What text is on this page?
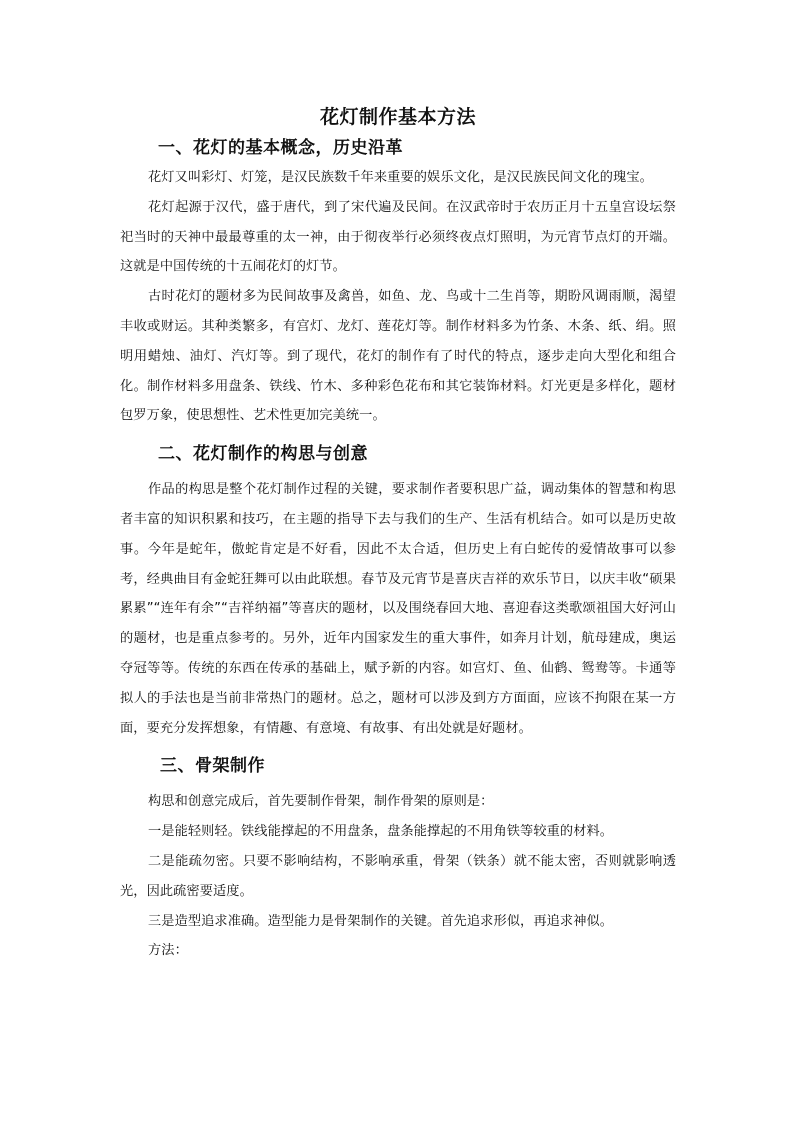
花灯制作基本方法
一、花灯的基本概念，历史沿革

花灯又叫彩灯、灯笼，是汉民族数千年来重要的娱乐文化，是汉民族民间文化的瑰宝。

花灯起源于汉代，盛于唐代，到了宋代遍及民间。在汉武帝时于农历正月十五皇宫设坛祭祀当时的天神中最最尊重的太一神，由于彻夜举行必须终夜点灯照明，为元宵节点灯的开端。这就是中国传统的十五闹花灯的灯节。

古时花灯的题材多为民间故事及禽兽，如鱼、龙、鸟或十二生肖等，期盼风调雨顺，渴望丰收或财运。其种类繁多，有宫灯、龙灯、莲花灯等。制作材料多为竹条、木条、纸、绢。照明用蜡烛、油灯、汽灯等。到了现代，花灯的制作有了时代的特点，逐步走向大型化和组合化。制作材料多用盘条、铁线、竹木、多种彩色花布和其它装饰材料。灯光更是多样化，题材包罗万象，使思想性、艺术性更加完美统一。

二、花灯制作的构思与创意

作品的构思是整个花灯制作过程的关键，要求制作者要积思广益，调动集体的智慧和构思者丰富的知识积累和技巧，在主题的指导下去与我们的生产、生活有机结合。如可以是历史故事。今年是蛇年，傲蛇肯定是不好看，因此不太合适，但历史上有白蛇传的爱情故事可以参考，经典曲目有金蛇狂舞可以由此联想。春节及元宵节是喜庆吉祥的欢乐节日，以庆丰收“硕果累累”“连年有余”“吉祥纳福”等喜庆的题材，以及围绕春回大地、喜迎春这类歌颂祖国大好河山的题材，也是重点参考的。另外，近年内国家发生的重大事件，如奔月计划，航母建成，奥运夺冠等等。传统的东西在传承的基础上，赋予新的内容。如宫灯、鱼、仙鹤、鸳鸯等。卡通等拟人的手法也是当前非常热门的题材。总之，题材可以涉及到方方面面，应该不拘限在某一方面，要充分发挥想象，有情趣、有意境、有故事、有出处就是好题材。

三、骨架制作

构思和创意完成后，首先要制作骨架，制作骨架的原则是：

一是能轻则轻。铁线能撑起的不用盘条，盘条能撑起的不用角铁等较重的材料。

二是能疏勿密。只要不影响结构，不影响承重，骨架（铁条）就不能太密，否则就影响透光，因此疏密要适度。

三是造型追求准确。造型能力是骨架制作的关键。首先追求形似，再追求神似。

方法：
